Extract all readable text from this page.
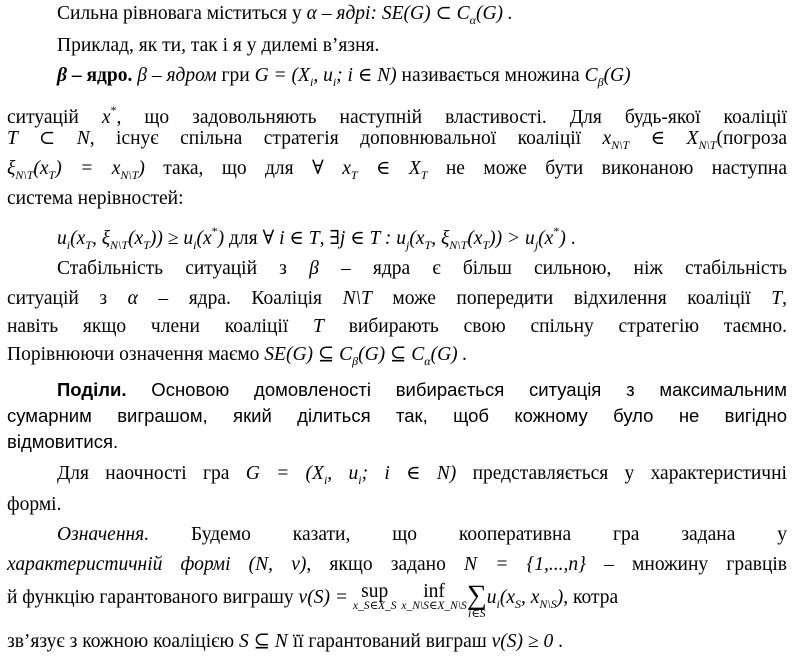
Сильна рівновага міститься у α – ядрі: SE(G) ⊂ $C_\alpha(G)$ .
Приклад, як ти, так і я у дилемі в’язня.
β – ядро. β – ядром гри $G = (X_i$, $u_i$; i ∈ N) називається множина $C_\beta(G)$
ситуацій x*, що задовольняють наступній властивості. Для будь-якої коаліції
T ⊂ N, існує спільна стратегія доповнювальної коаліції $x_{N\backslash T}$ ∈ $X_{N\backslash T}(погроза$
$\xi_{N\backslash T}(x_T) = x_{N\backslash T}$) така, що для ∀ $x_T$ ∈ $X_T$ не може бути виконаною наступна
система нерівностей:
$u_i(x_T$, $\xi_{N\backslash T}(x_T)) \ge u_i(x^*)$ для ∀ i ∈ T, ∃j ∈ T : $u_j(x_T$, $\xi_{N\backslash T}(x_T)) > u_j(x^*)$ .
Стабільність ситуацій з β – ядра є більш сильною, ніж стабільність
ситуацій з α – ядра. Коаліція N\T може попередити відхилення коаліції T,
навіть якщо члени коаліції T вибирають свою спільну стратегію таємно.
Порівнюючи означення маємо SE(G) ⊆ $C_\beta(G)$ ⊆ $C_\alpha(G)$ .
Поділи. Основою домовленості вибирається ситуація з максимальним
сумарним виграшом, який ділиться так, щоб кожному було не вигідно
відмовитися.
Для наочності гра $G = (X_i$, $u_i$; i ∈ N) представляється у характеристичні
формі.
Означення. Будемо казати, що кооперативна гра задана у
характеристичній формі (N, v), якщо задано N = {1,...,n} – множину гравців
й функцію гарантованого виграшу v(S) = sup
x_S∈X_S

inf
x_N\S∈X_N\S ∑
i∈S
$u_i(x_S$, $x_{N\backslash S}$), котра
зв’язує з кожною коаліцією S ⊆ N її гарантований виграш v(S) ≥ 0 .
